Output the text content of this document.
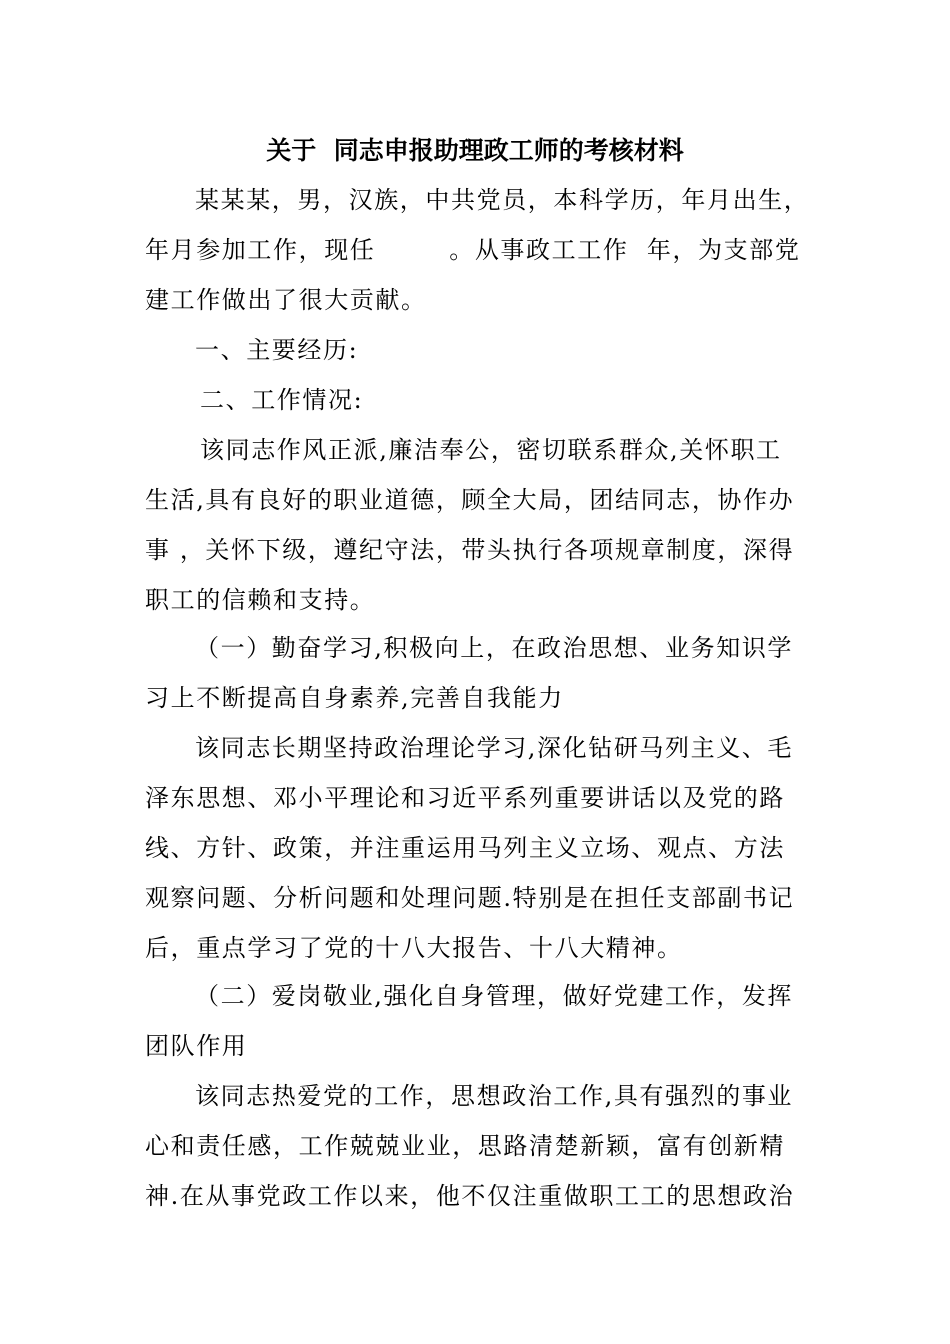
关于  同志申报助理政工师的考核材料
某某某，男，汉族，中共党员，本科学历，年月出生，
年月参加工作，现任        。从事政工工作  年，为支部党
建工作做出了很大贡献。
一、主要经历:
二、工作情况:
该同志作风正派,廉洁奉公，密切联系群众,关怀职工
生活,具有良好的职业道德，顾全大局，团结同志，协作办
事 ，关怀下级，遵纪守法，带头执行各项规章制度，深得
职工的信赖和支持。
（一）勤奋学习,积极向上，在政治思想、业务知识学
习上不断提高自身素养,完善自我能力
该同志长期坚持政治理论学习,深化钻研马列主义、毛
泽东思想、邓小平理论和习近平系列重要讲话以及党的路
线、方针、政策，并注重运用马列主义立场、观点、方法
观察问题、分析问题和处理问题.特别是在担任支部副书记
后，重点学习了党的十八大报告、十八大精神。
（二）爱岗敬业,强化自身管理，做好党建工作，发挥
团队作用
该同志热爱党的工作，思想政治工作,具有强烈的事业
心和责任感，工作兢兢业业，思路清楚新颖，富有创新精
神.在从事党政工作以来，他不仅注重做职工工的思想政治
